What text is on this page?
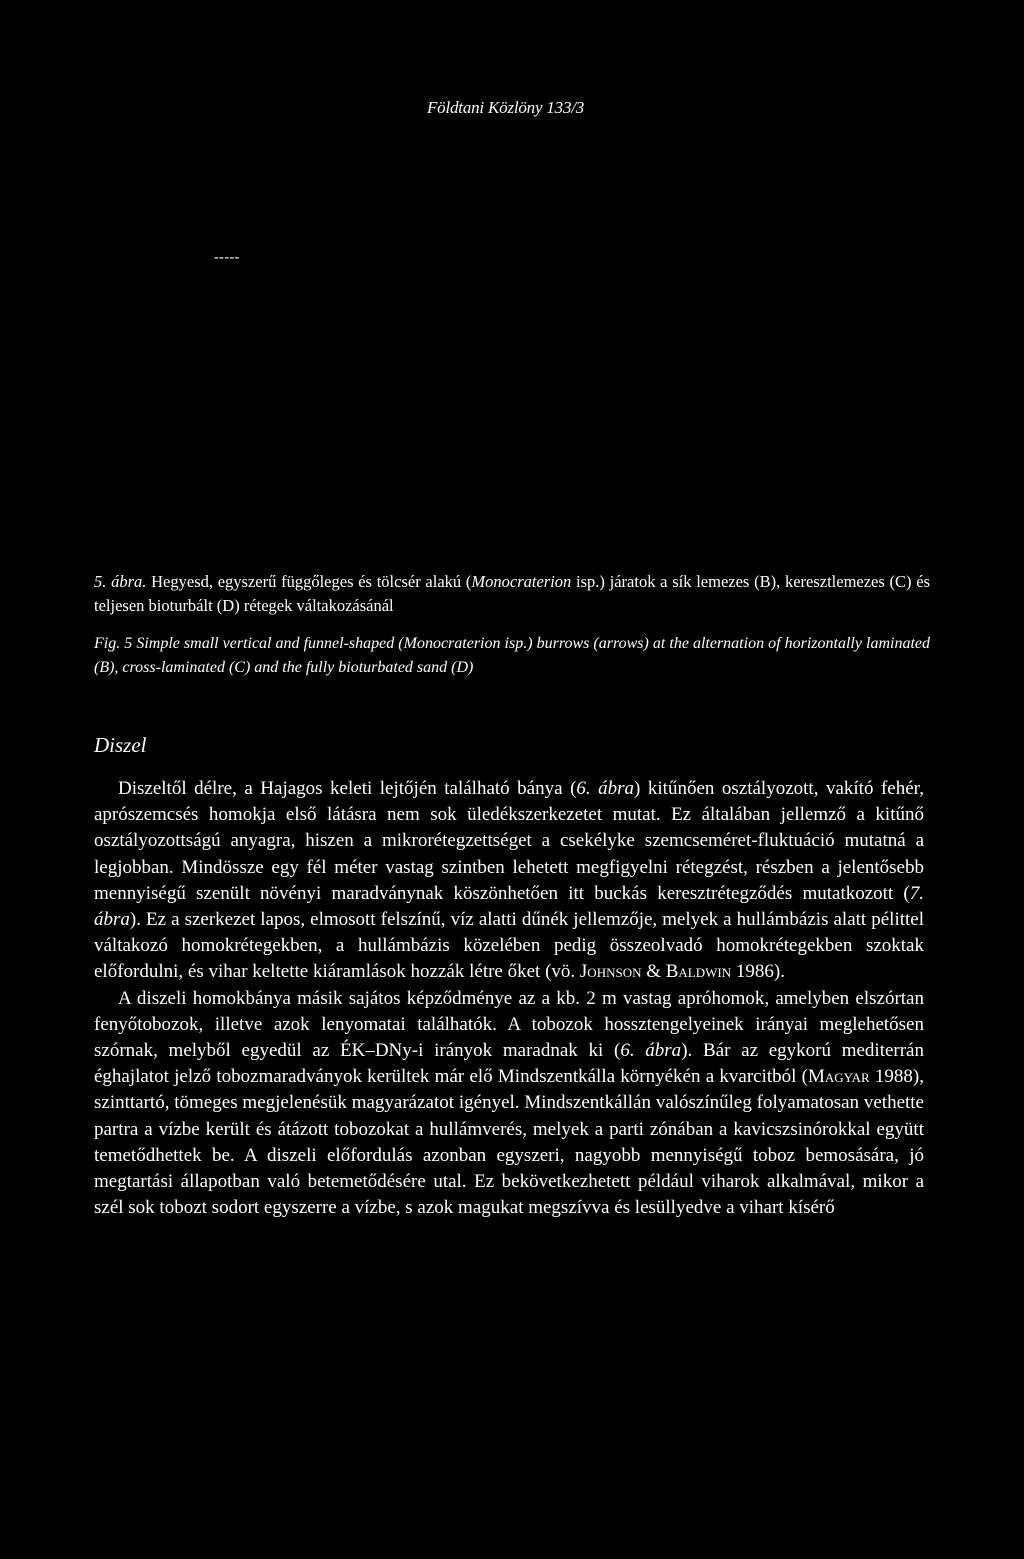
Földtani Közlöny 133/3
-----

5. ábra. Hegyesd, egyszerű függőleges és tölcsér alakú (Monocraterion isp.) járatok a sík lemezes (B), keresztlemezes (C) és teljesen bioturbált (D) rétegek váltakozásánál

Fig. 5 Simple small vertical and funnel-shaped (Monocraterion isp.) burrows (arrows) at the alternation of horizontally laminated (B), cross-laminated (C) and the fully bioturbated sand (D)

Diszel

Diszeltől délre, a Hajagos keleti lejtőjén található bánya (6. ábra) kitűnően osztályozott, vakító fehér, aprószemcsés homokja első látásra nem sok üledékszerkezetet mutat. Ez általában jellemző a kitűnő osztályozottságú anyagra, hiszen a mikrorétegzettséget a csekélyke szemcseméret-fluktuáció mutatná a legjobban. Mindössze egy fél méter vastag szintben lehetett megfigyelni rétegzést, részben a jelentősebb mennyiségű szenült növényi maradványnak köszönhetően itt buckás keresztrétegződés mutatkozott (7. ábra). Ez a szerkezet lapos, elmosott felszínű, víz alatti dűnék jellemzője, melyek a hullámbázis alatt pélittel váltakozó homokrétegekben, a hullámbázis közelében pedig összeolvadó homokrétegekben szoktak előfordulni, és vihar keltette kiáramlások hozzák létre őket (vö. Johnson & Baldwin 1986).

A diszeli homokbánya másik sajátos képződménye az a kb. 2 m vastag apróhomok, amelyben elszórtan fenyőtobozok, illetve azok lenyomatai találhatók. A tobozok hossztengelyeinek irányai meglehetősen szórnak, melyből egyedül az ÉK–DNy-i irányok maradnak ki (6. ábra). Bár az egykorú mediterrán éghajlatot jelző tobozmaradványok kerültek már elő Mindszentkálla környékén a kvarcitból (Magyar 1988), szinttartó, tömeges megjelenésük magyarázatot igényel. Mindszentkállán valószínűleg folyamatosan vethette partra a vízbe került és átázott tobozokat a hullámverés, melyek a parti zónában a kavicszsinórokkal együtt temetődhettek be. A diszeli előfordulás azonban egyszeri, nagyobb mennyiségű toboz bemosására, jó megtartási állapotban való betemetődésére utal. Ez bekövetkezhetett például viharok alkalmával, mikor a szél sok tobozt sodort egyszerre a vízbe, s azok magukat megszívva és lesüllyedve a vihart kísérő
